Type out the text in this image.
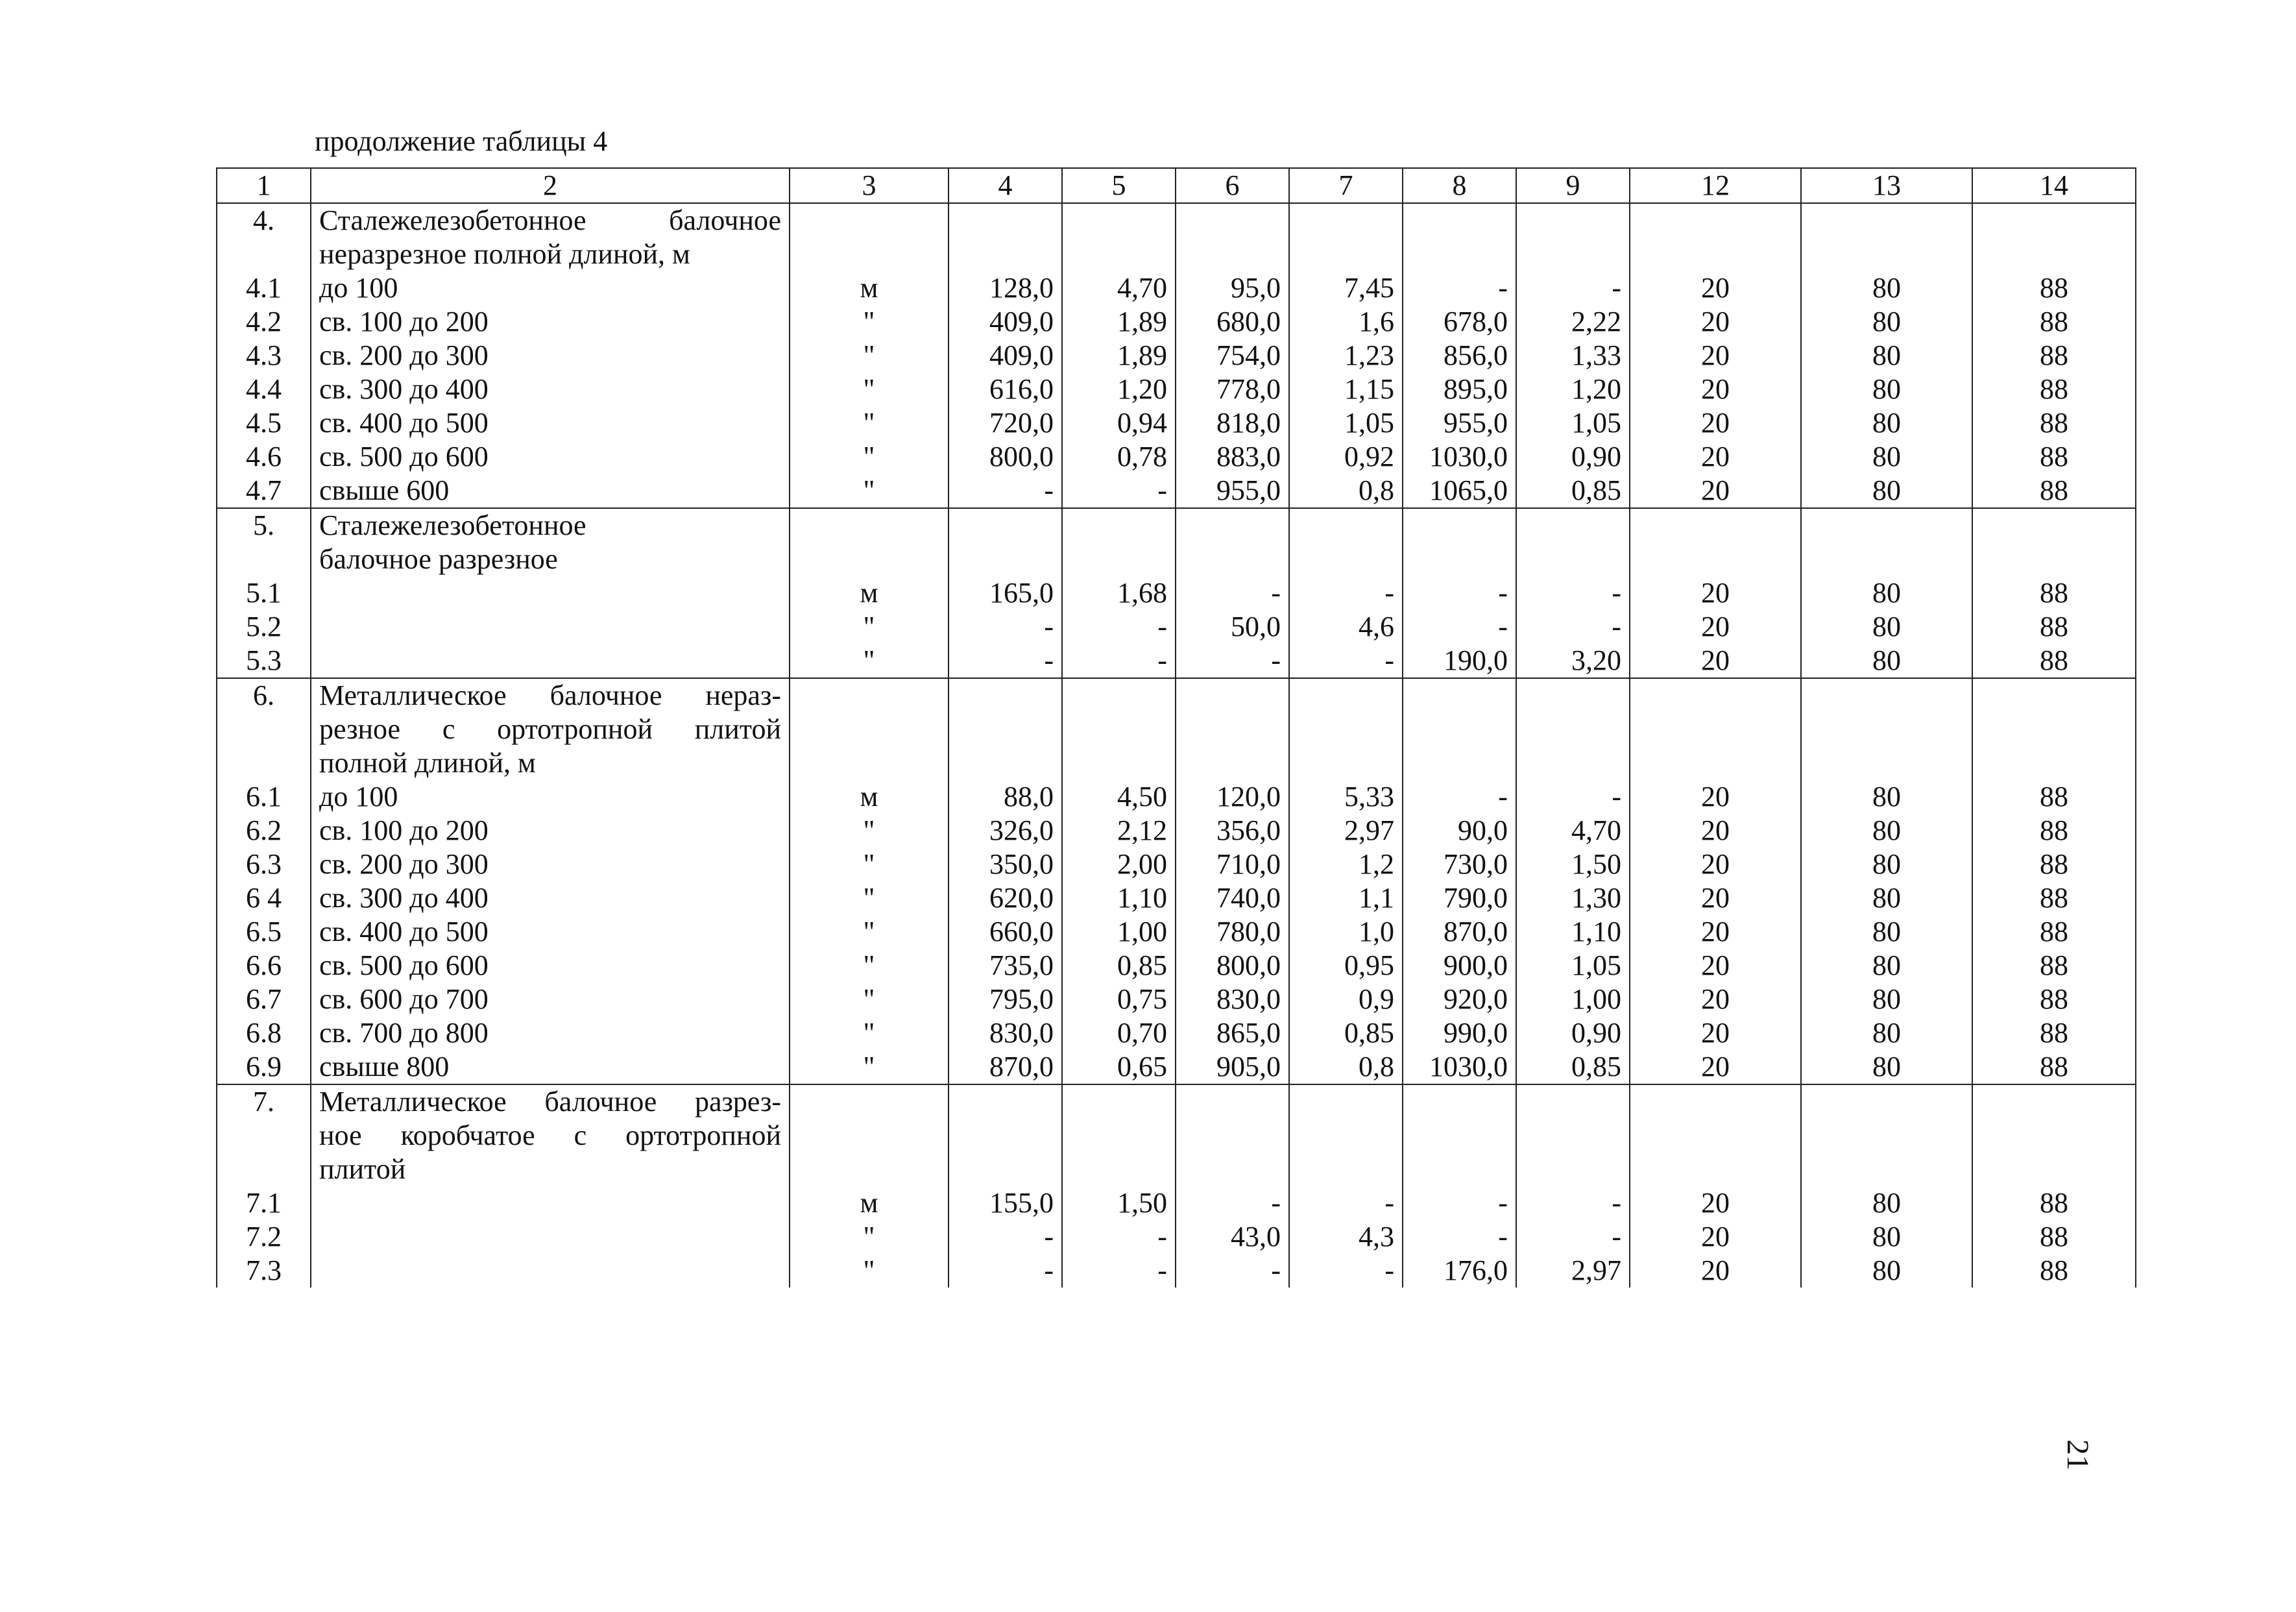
продолжение таблицы 4
1	2	3	4	5	6	7	8	9	12	13	14
4.	Сталежелезобетонное балочное										
	неразрезное полной длиной, м										
4.1	до 100	м	128,0	4,70	95,0	7,45	-	-	20	80	88
4.2	св. 100 до 200	"	409,0	1,89	680,0	1,6	678,0	2,22	20	80	88
4.3	св. 200 до 300	"	409,0	1,89	754,0	1,23	856,0	1,33	20	80	88
4.4	св. 300 до 400	"	616,0	1,20	778,0	1,15	895,0	1,20	20	80	88
4.5	св. 400 до 500	"	720,0	0,94	818,0	1,05	955,0	1,05	20	80	88
4.6	св. 500 до 600	"	800,0	0,78	883,0	0,92	1030,0	0,90	20	80	88
4.7	свыше 600	"	-	-	955,0	0,8	1065,0	0,85	20	80	88
5.	Сталежелезобетонное										
	балочное разрезное										
5.1		м	165,0	1,68	-	-	-	-	20	80	88
5.2		"	-	-	50,0	4,6	-	-	20	80	88
5.3		"	-	-	-	-	190,0	3,20	20	80	88
6.	Металлическое балочное нераз-										
	резное с ортотропной плитой										
	полной длиной, м										
6.1	до 100	м	88,0	4,50	120,0	5,33	-	-	20	80	88
6.2	св. 100 до 200	"	326,0	2,12	356,0	2,97	90,0	4,70	20	80	88
6.3	св. 200 до 300	"	350,0	2,00	710,0	1,2	730,0	1,50	20	80	88
6 4	св. 300 до 400	"	620,0	1,10	740,0	1,1	790,0	1,30	20	80	88
6.5	св. 400 до 500	"	660,0	1,00	780,0	1,0	870,0	1,10	20	80	88
6.6	св. 500 до 600	"	735,0	0,85	800,0	0,95	900,0	1,05	20	80	88
6.7	св. 600 до 700	"	795,0	0,75	830,0	0,9	920,0	1,00	20	80	88
6.8	св. 700 до 800	"	830,0	0,70	865,0	0,85	990,0	0,90	20	80	88
6.9	свыше 800	"	870,0	0,65	905,0	0,8	1030,0	0,85	20	80	88
7.	Металлическое балочное разрез-										
	ное коробчатое с ортотропной										
	плитой										
7.1		м	155,0	1,50	-	-	-	-	20	80	88
7.2		"	-	-	43,0	4,3	-	-	20	80	88
7.3		"	-	-	-	-	176,0	2,97	20	80	88
21
